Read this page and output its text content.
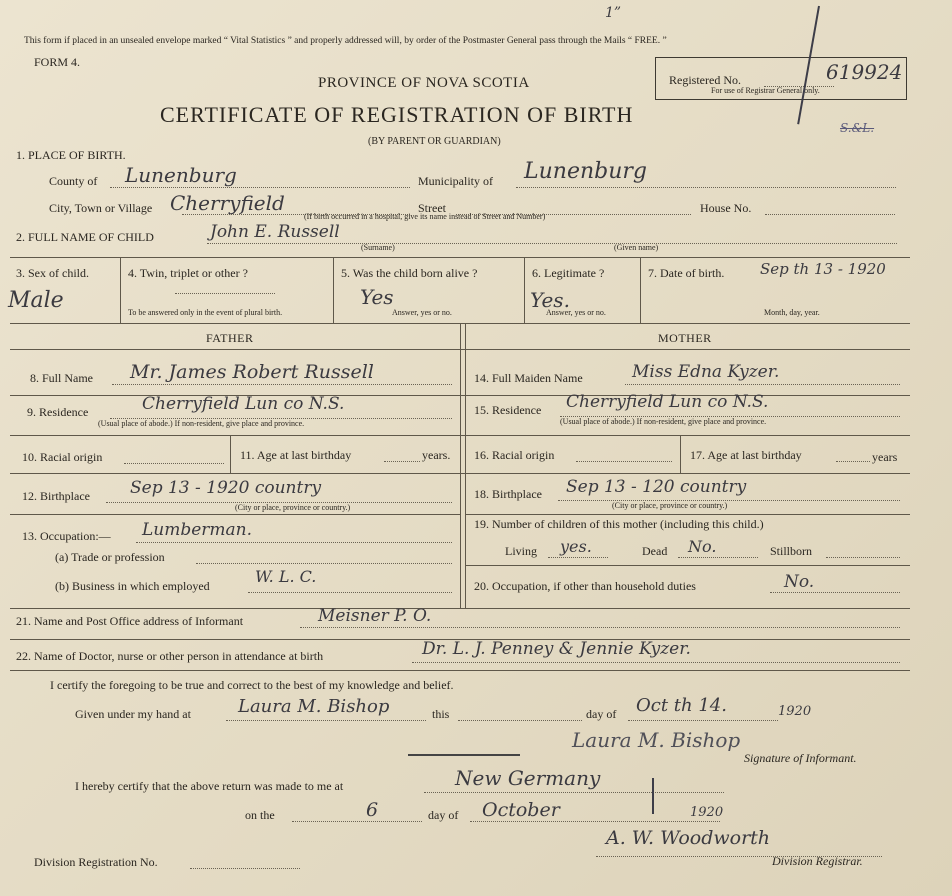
This form if placed in an unsealed envelope marked “ Vital Statistics ” and properly addressed will, by order of the Postmaster General pass through the Mails “ FREE. ”
FORM 4.
1”
PROVINCE OF NOVA SCOTIA
CERTIFICATE OF REGISTRATION OF BIRTH
(BY PARENT OR GUARDIAN)
Registered No.
For use of Registrar General only.
619924
S.&L.
1. PLACE OF BIRTH.
County of Lunenburg	Municipality of Lunenburg
City, Town or Village Cherryfield	Street
(If birth occurred in a hospital, give its name instead of Street and Number)
House No.
2. FULL NAME OF CHILD	John E. Russell
(Surname)	(Given name)
3. Sex of child.
Male
4. Twin, triplet or other ?
To be answered only in the event of plural birth.
5. Was the child born alive ?
Yes
Answer, yes or no.
6. Legitimate ?
Yes.
Answer, yes or no.
7. Date of birth. Sep th 13 - 1920
Month, day, year.
FATHER
8. Full Name Mr. James Robert Russell
9. Residence	Cherryfield Lun co N.S.
(Usual place of abode.) If non-resident, give place and province.
10. Racial origin	11. Age at last birthday	years.
12. Birthplace Sep 13 - 1920 country
(City or place, province or country.)
13. Occupation:— Lumberman.
(a) Trade or profession
(b) Business in which employed	W. L. C.
MOTHER
14. Full Maiden Name	Miss Edna Kyzer.
15. Residence Cherryfield Lun co N.S.
(Usual place of abode.) If non-resident, give place and province.
16. Racial origin	17. Age at last birthday	years
18. Birthplace Sep 13 - 120 country
(City or place, province or country.)
19. Number of children of this mother (including this child.)
Living yes.	Dead No.	Stillborn
20. Occupation, if other than household duties	No.
21. Name and Post Office address of Informant	Meisner P. O.
22. Name of Doctor, nurse or other person in attendance at birth	Dr. L. J. Penney & Jennie Kyzer.
I certify the foregoing to be true and correct to the best of my knowledge and belief.
Given under my hand at	Laura M. Bishop	this	day of Oct th 14.	1920
Laura M. Bishop
Signature of Informant.
I hereby certify that the above return was made to me at	New Germany
on the	6	day of October	1920
A. W. Woodworth
Division Registration No.	Division Registrar.
